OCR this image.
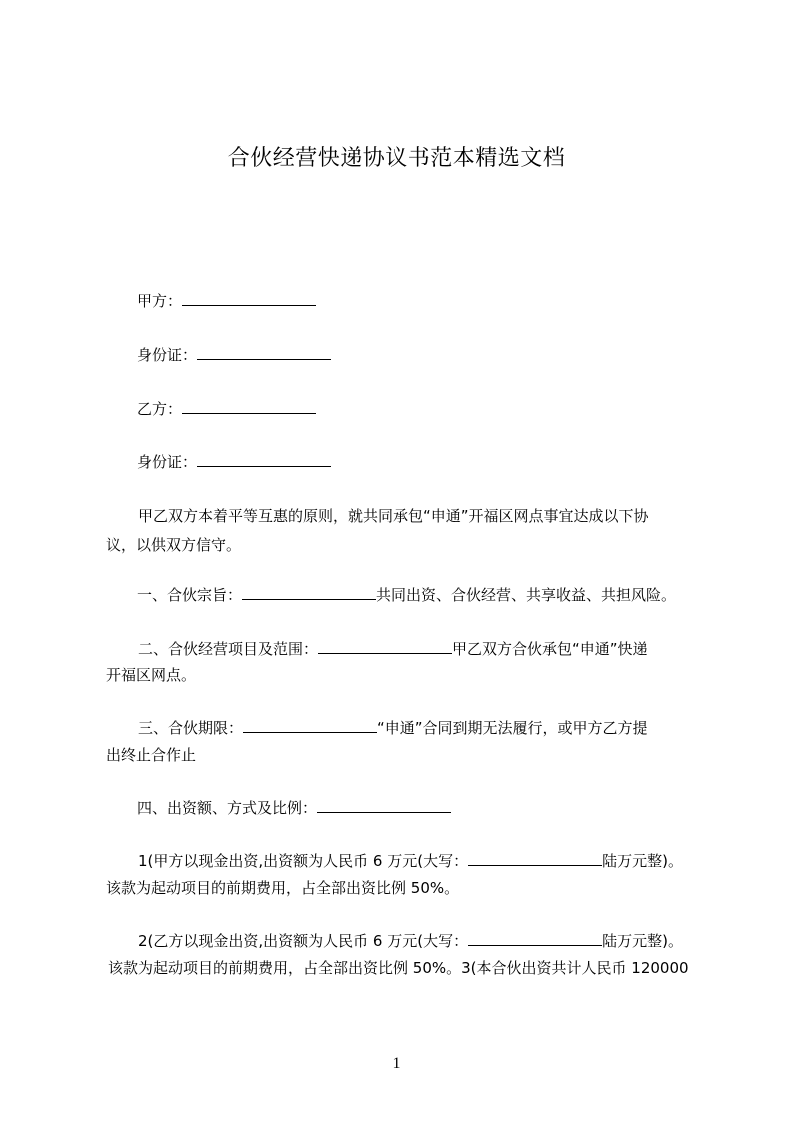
合伙经营快递协议书范本精选文档
甲方：
身份证：
乙方：
身份证：
甲乙双方本着平等互惠的原则，就共同承包“申通”开福区网点事宜达成以下协
议，以供双方信守。
一、合伙宗旨：	共同出资、合伙经营、共享收益、共担风险。
二、合伙经营项目及范围：	甲乙双方合伙承包“申通”快递
开福区网点。
三、合伙期限：	“申通”合同到期无法履行，或甲方乙方提
出终止合作止
四、出资额、方式及比例：
1(甲方以现金出资,出资额为人民币 6 万元(大写：	陆万元整)。
该款为起动项目的前期费用，占全部出资比例 50%。
2(乙方以现金出资,出资额为人民币 6 万元(大写：	陆万元整)。
该款为起动项目的前期费用，占全部出资比例 50%。3(本合伙出资共计人民币 120000
1
